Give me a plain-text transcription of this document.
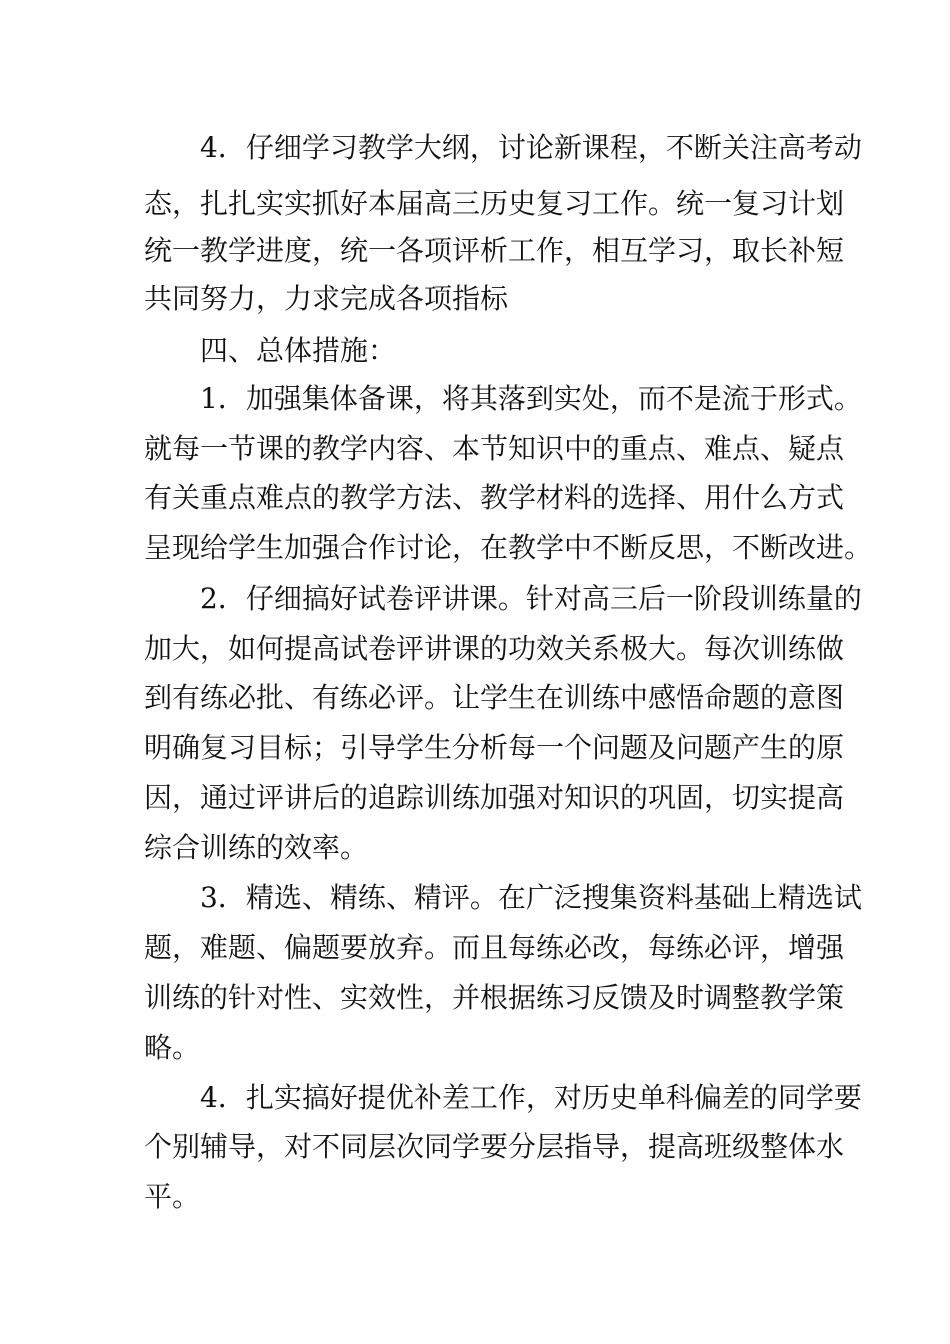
4．仔细学习教学大纲，讨论新课程，不断关注高考动

态，扎扎实实抓好本届高三历史复习工作。统一复习计划

统一教学进度，统一各项评析工作，相互学习，取长补短

共同努力，力求完成各项指标

四、总体措施：

1．加强集体备课，将其落到实处，而不是流于形式。

就每一节课的教学内容、本节知识中的重点、难点、疑点

有关重点难点的教学方法、教学材料的选择、用什么方式

呈现给学生加强合作讨论，在教学中不断反思，不断改进。

2．仔细搞好试卷评讲课。针对高三后一阶段训练量的

加大，如何提高试卷评讲课的功效关系极大。每次训练做

到有练必批、有练必评。让学生在训练中感悟命题的意图

明确复习目标；引导学生分析每一个问题及问题产生的原

因，通过评讲后的追踪训练加强对知识的巩固，切实提高

综合训练的效率。

3．精选、精练、精评。在广泛搜集资料基础上精选试

题，难题、偏题要放弃。而且每练必改，每练必评，增强

训练的针对性、实效性，并根据练习反馈及时调整教学策

略。

4．扎实搞好提优补差工作，对历史单科偏差的同学要

个别辅导，对不同层次同学要分层指导，提高班级整体水

平。
